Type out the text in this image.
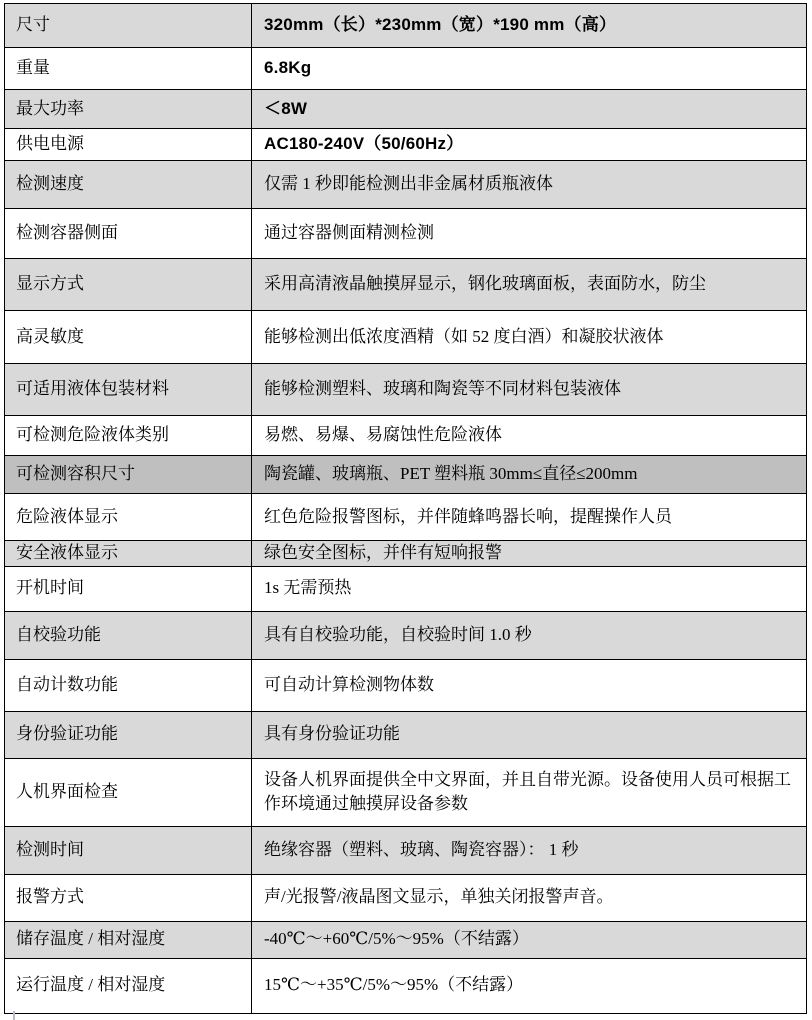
尺寸	320mm（长）*230mm（宽）*190 mm（高）
重量	6.8Kg
最大功率	＜8W
供电电源	AC180-240V（50/60Hz）
检测速度	仅需 1 秒即能检测出非金属材质瓶液体
检测容器侧面	通过容器侧面精测检测
显示方式	采用高清液晶触摸屏显示，钢化玻璃面板，表面防水，防尘
高灵敏度	能够检测出低浓度酒精（如 52 度白酒）和凝胶状液体
可适用液体包装材料	能够检测塑料、玻璃和陶瓷等不同材料包装液体
可检测危险液体类别	易燃、易爆、易腐蚀性危险液体
可检测容积尺寸	陶瓷罐、玻璃瓶、PET 塑料瓶 30mm≤直径≤200mm
危险液体显示	红色危险报警图标，并伴随蜂鸣器长响，提醒操作人员
安全液体显示	绿色安全图标，并伴有短响报警
开机时间	1s 无需预热
自校验功能	具有自校验功能，自校验时间 1.0 秒
自动计数功能	可自动计算检测物体数
身份验证功能	具有身份验证功能
人机界面检查	设备人机界面提供全中文界面，并且自带光源。设备使用人员可根据工作环境通过触摸屏设备参数
检测时间	绝缘容器（塑料、玻璃、陶瓷容器）： 1 秒
报警方式	声/光报警/液晶图文显示，单独关闭报警声音。
储存温度 / 相对湿度	-40℃～+60℃/5%～95%（不结露）
运行温度 / 相对湿度	15℃～+35℃/5%～95%（不结露）
